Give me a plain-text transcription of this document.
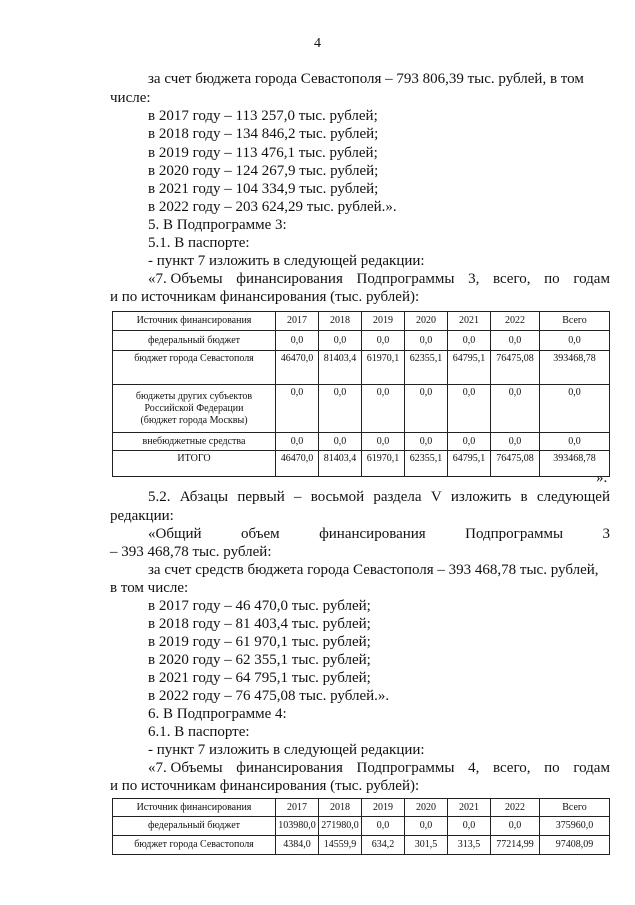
4
за счет бюджета города Севастополя – 793 806,39 тыс. рублей, в том
числе:
в 2017 году – 113 257,0 тыс. рублей;
в 2018 году – 134 846,2 тыс. рублей;
в 2019 году – 113 476,1 тыс. рублей;
в 2020 году – 124 267,9 тыс. рублей;
в 2021 году – 104 334,9 тыс. рублей;
в 2022 году – 203 624,29 тыс. рублей.».
5. В Подпрограмме 3:
5.1. В паспорте:
- пункт 7 изложить в следующей редакции:
«7. Объемы финансирования Подпрограммы 3, всего, по годам
и по источникам финансирования (тыс. рублей):
Источник финансирования	2017	2018	2019	2020	2021	2022	Всего
федеральный бюджет	0,0	0,0	0,0	0,0	0,0	0,0	0,0
бюджет города Севастополя	46470,0	81403,4	61970,1	62355,1	64795,1	76475,08	393468,78

бюджеты других субъектов
Российской Федерации
(бюджет города Москвы)	0,0	0,0	0,0	0,0	0,0	0,0	0,0
внебюджетные средства	0,0	0,0	0,0	0,0	0,0	0,0	0,0
ИТОГО	46470,0	81403,4	61970,1	62355,1	64795,1	76475,08	393468,78
».
5.2. Абзацы первый – восьмой раздела V изложить в следующей
редакции:
«Общий	объем	финансирования	Подпрограммы	3
– 393 468,78 тыс. рублей:
за счет средств бюджета города Севастополя – 393 468,78 тыс. рублей,
в том числе:
в 2017 году – 46 470,0 тыс. рублей;
в 2018 году – 81 403,4 тыс. рублей;
в 2019 году – 61 970,1 тыс. рублей;
в 2020 году – 62 355,1 тыс. рублей;
в 2021 году – 64 795,1 тыс. рублей;
в 2022 году – 76 475,08 тыс. рублей.».
6. В Подпрограмме 4:
6.1. В паспорте:
- пункт 7 изложить в следующей редакции:
«7. Объемы финансирования Подпрограммы 4, всего, по годам
и по источникам финансирования (тыс. рублей):
Источник финансирования	2017	2018	2019	2020	2021	2022	Всего
федеральный бюджет	103980,0	271980,0	0,0	0,0	0,0	0,0	375960,0
бюджет города Севастополя	4384,0	14559,9	634,2	301,5	313,5	77214,99	97408,09
